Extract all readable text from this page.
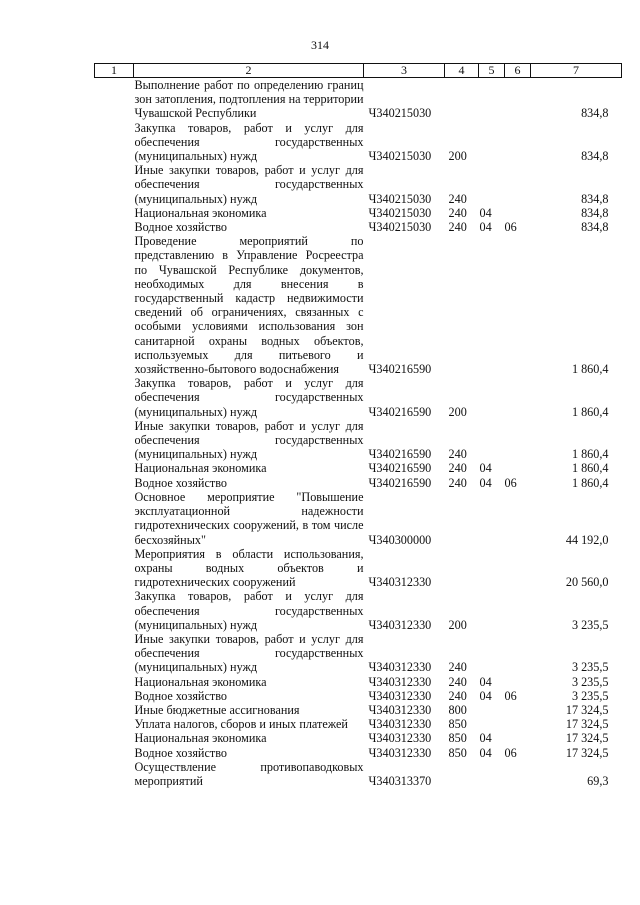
314
1	2	3	4	5	6	7
	Выполнение работ по определению границ зон затопления, подтопления на территории Чувашской Республики	Ч340215030				834,8
	Закупка товаров, работ и услуг для обеспечения государственных (муниципальных) нужд	Ч340215030	200			834,8
	Иные закупки товаров, работ и услуг для обеспечения государственных (муниципальных) нужд	Ч340215030	240			834,8
	Национальная экономика	Ч340215030	240	04		834,8
	Водное хозяйство	Ч340215030	240	04	06	834,8
	Проведение мероприятий по представлению в Управление Росреестра по Чувашской Республике документов, необходимых для внесения в государственный кадастр недвижимости сведений об ограничениях, связанных с особыми условиями использования зон санитарной охраны водных объектов, используемых для питьевого и хозяйственно-бытового водоснабжения	Ч340216590				1 860,4
	Закупка товаров, работ и услуг для обеспечения государственных (муниципальных) нужд	Ч340216590	200			1 860,4
	Иные закупки товаров, работ и услуг для обеспечения государственных (муниципальных) нужд	Ч340216590	240			1 860,4
	Национальная экономика	Ч340216590	240	04		1 860,4
	Водное хозяйство	Ч340216590	240	04	06	1 860,4
	Основное мероприятие "Повышение эксплуатационной надежности гидротехнических сооружений, в том числе бесхозяйных"	Ч340300000				44 192,0
	Мероприятия в области использования, охраны водных объектов и гидротехнических сооружений	Ч340312330				20 560,0
	Закупка товаров, работ и услуг для обеспечения государственных (муниципальных) нужд	Ч340312330	200			3 235,5
	Иные закупки товаров, работ и услуг для обеспечения государственных (муниципальных) нужд	Ч340312330	240			3 235,5
	Национальная экономика	Ч340312330	240	04		3 235,5
	Водное хозяйство	Ч340312330	240	04	06	3 235,5
	Иные бюджетные ассигнования	Ч340312330	800			17 324,5
	Уплата налогов, сборов и иных платежей	Ч340312330	850			17 324,5
	Национальная экономика	Ч340312330	850	04		17 324,5
	Водное хозяйство	Ч340312330	850	04	06	17 324,5
	Осуществление противопаводковых мероприятий	Ч340313370				69,3
